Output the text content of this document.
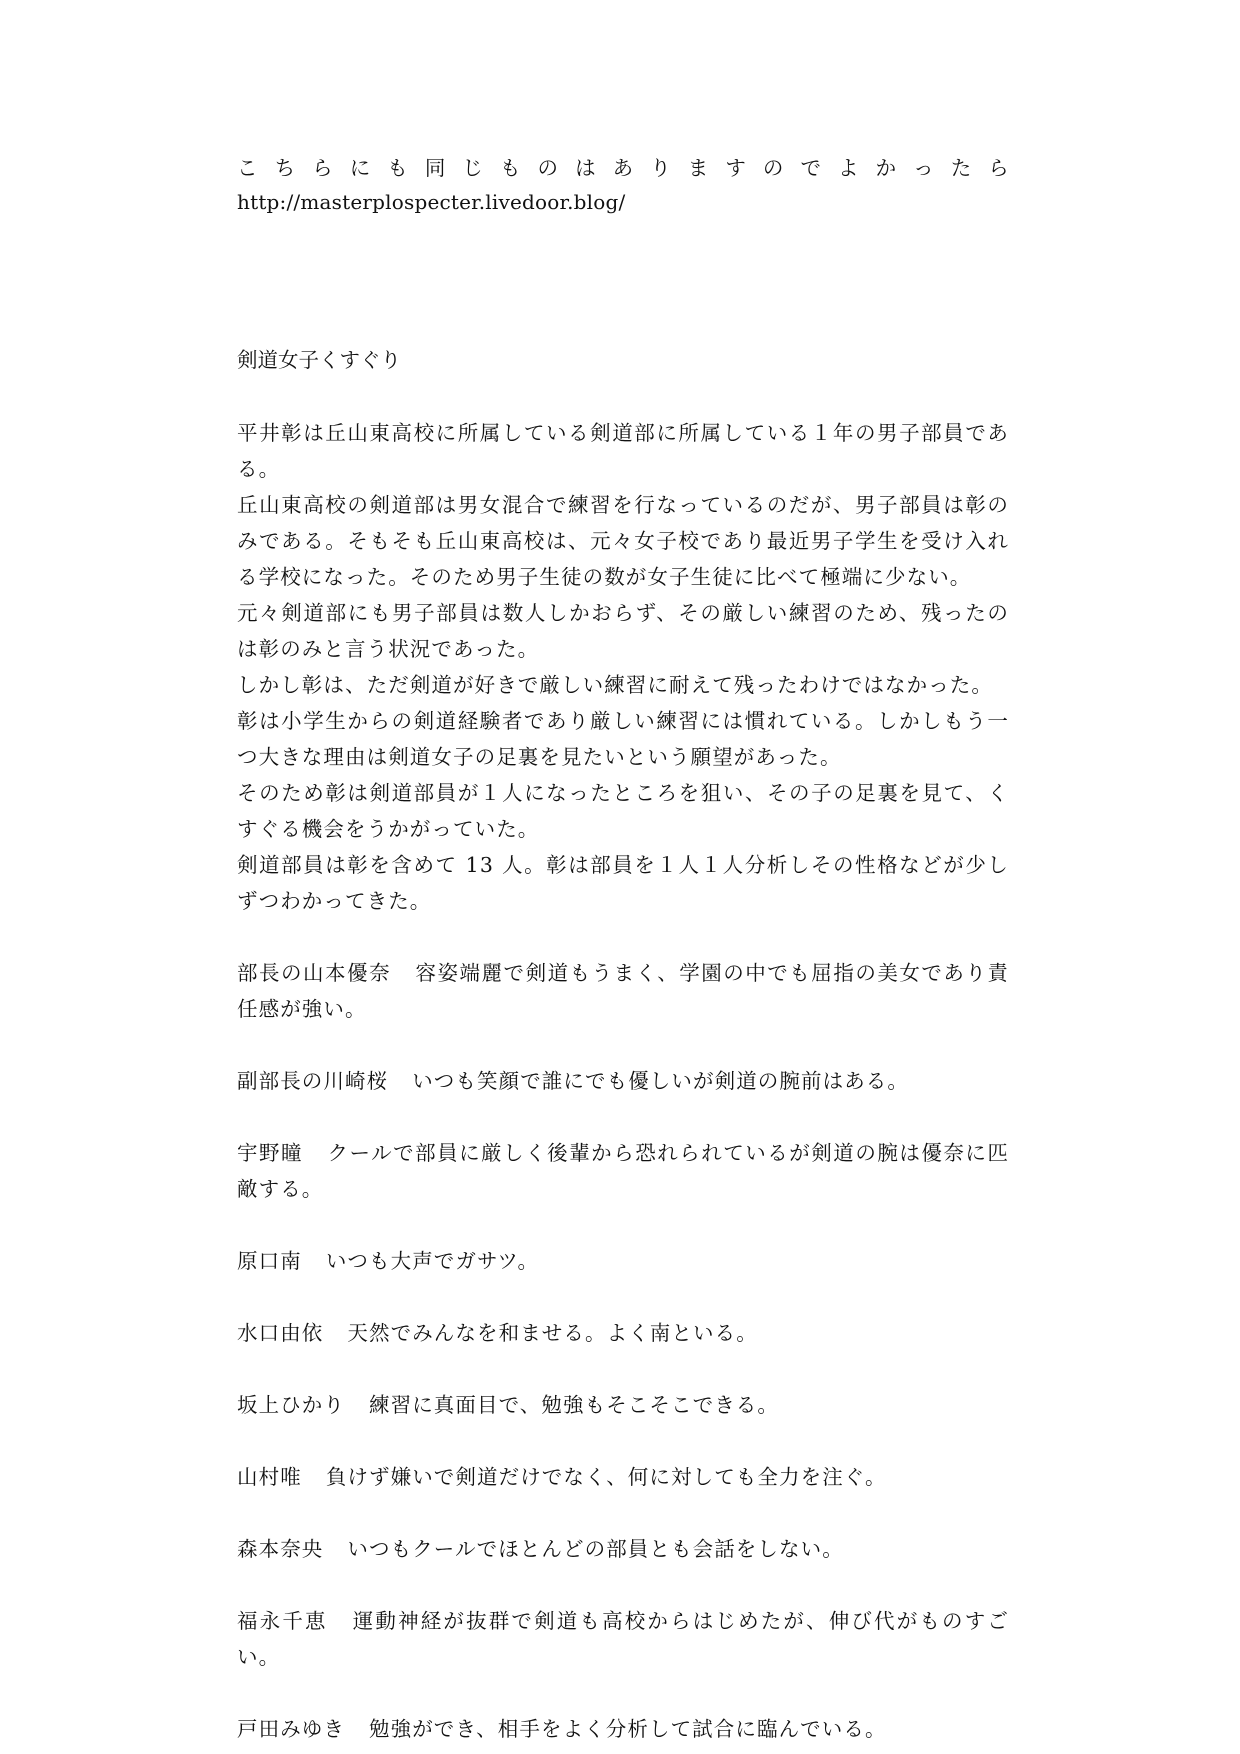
こ ち ら に も 同 じ も の は あ り ま す の で よ か っ た ら
http://masterplospecter.livedoor.blog/
剣道女子くすぐり
平井彰は丘山東高校に所属している剣道部に所属している１年の男子部員である。
丘山東高校の剣道部は男女混合で練習を行なっているのだが、男子部員は彰のみである。そもそも丘山東高校は、元々女子校であり最近男子学生を受け入れる学校になった。そのため男子生徒の数が女子生徒に比べて極端に少ない。
元々剣道部にも男子部員は数人しかおらず、その厳しい練習のため、残ったのは彰のみと言う状況であった。
しかし彰は、ただ剣道が好きで厳しい練習に耐えて残ったわけではなかった。
彰は小学生からの剣道経験者であり厳しい練習には慣れている。しかしもう一つ大きな理由は剣道女子の足裏を見たいという願望があった。
そのため彰は剣道部員が１人になったところを狙い、その子の足裏を見て、くすぐる機会をうかがっていた。
剣道部員は彰を含めて 13 人。彰は部員を１人１人分析しその性格などが少しずつわかってきた。
部長の山本優奈 容姿端麗で剣道もうまく、学園の中でも屈指の美女であり責任感が強い。
副部長の川崎桜 いつも笑顔で誰にでも優しいが剣道の腕前はある。
宇野瞳 クールで部員に厳しく後輩から恐れられているが剣道の腕は優奈に匹敵する。
原口南 いつも大声でガサツ。
水口由依 天然でみんなを和ませる。よく南といる。
坂上ひかり 練習に真面目で、勉強もそこそこできる。
山村唯 負けず嫌いで剣道だけでなく、何に対しても全力を注ぐ。
森本奈央 いつもクールでほとんどの部員とも会話をしない。
福永千恵 運動神経が抜群で剣道も高校からはじめたが、伸び代がものすごい。
戸田みゆき 勉強ができ、相手をよく分析して試合に臨んでいる。
